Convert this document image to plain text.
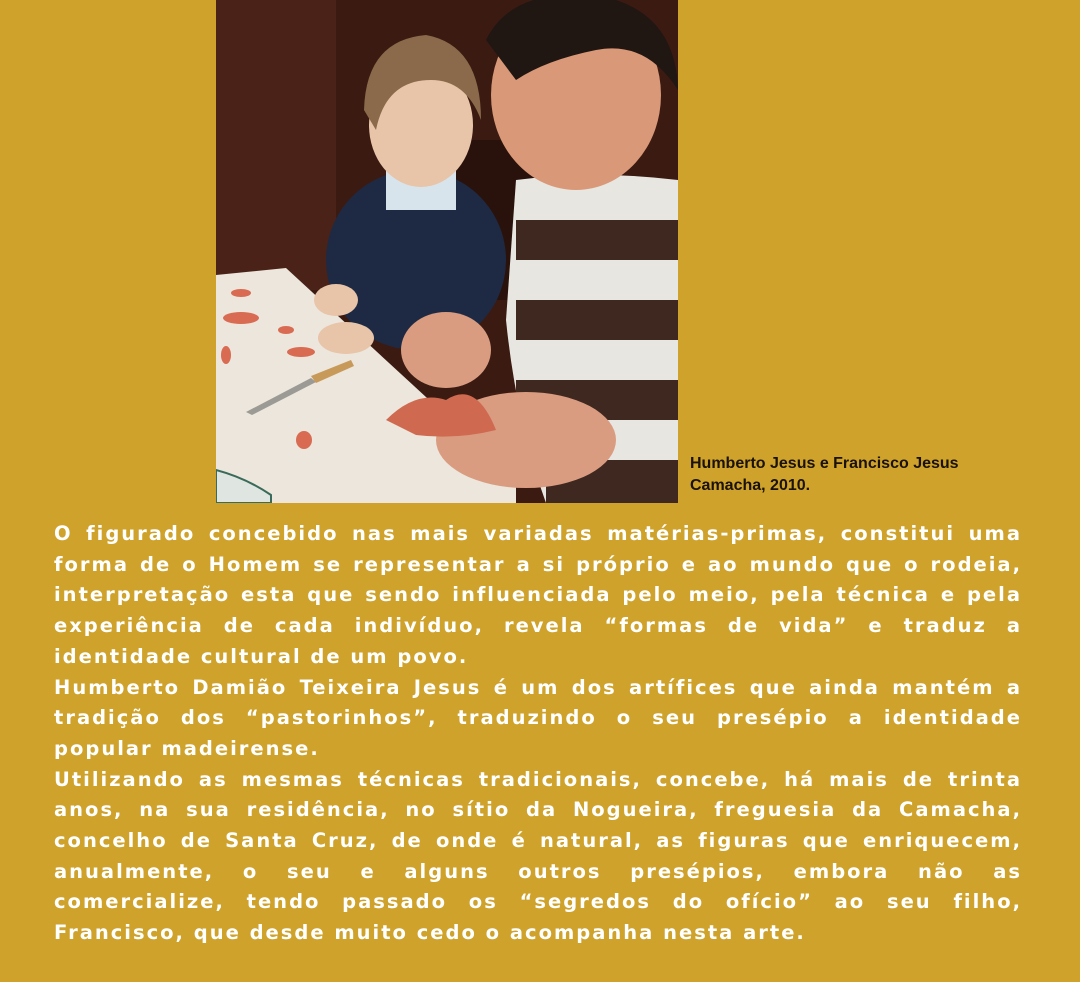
Humberto Jesus e Francisco Jesus
Camacha, 2010.

O figurado concebido nas mais variadas matérias-primas, constitui uma forma de o Homem se representar a si próprio e ao mundo que o rodeia, interpretação esta que sendo influenciada pelo meio, pela técnica e pela experiência de cada indivíduo, revela “formas de vida” e traduz a identidade cultural de um povo.

Humberto Damião Teixeira Jesus é um dos artífices que ainda mantém a tradição dos “pastorinhos”, traduzindo o seu presépio a identidade popular madeirense.

Utilizando as mesmas técnicas tradicionais, concebe, há mais de trinta anos, na sua residência, no sítio da Nogueira, freguesia da Camacha, concelho de Santa Cruz, de onde é natural, as figuras que enriquecem, anualmente, o seu e alguns outros presépios, embora não as comercialize, tendo passado os “segredos do ofício” ao seu filho, Francisco, que desde muito cedo o acompanha nesta arte.
